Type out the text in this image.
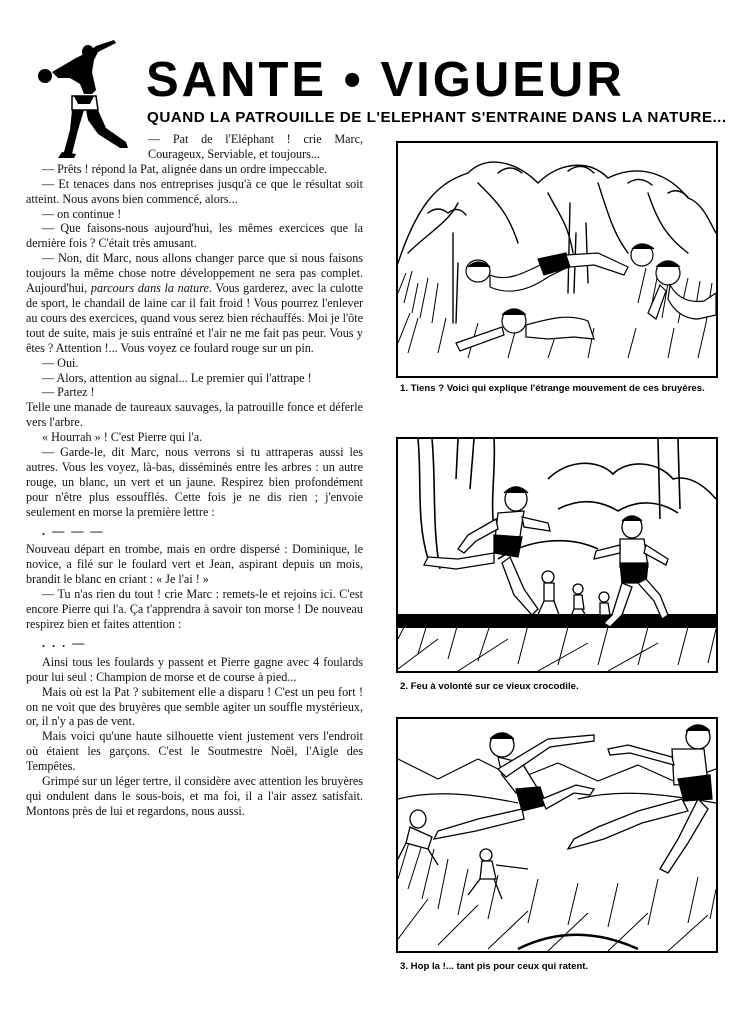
SANTE • VIGUEUR
QUAND LA PATROUILLE DE L'ELEPHANT S'ENTRAINE DANS LA NATURE...

— Pat de l'Eléphant ! crie Marc, Courageux, Serviable, et toujours...

— Prêts ! répond la Pat, alignée dans un ordre impeccable.

— Et tenaces dans nos entreprises jusqu'à ce que le résultat soit atteint. Nous avons bien commencé, alors...

— on continue !

— Que faisons-nous aujourd'hui, les mêmes exercices que la dernière fois ? C'était très amusant.

— Non, dit Marc, nous allons changer parce que si nous faisons toujours la même chose notre développement ne sera pas complet. Aujourd'hui, parcours dans la nature. Vous garderez, avec la culotte de sport, le chandail de laine car il fait froid ! Vous pourrez l'enlever au cours des exercices, quand vous serez bien réchauffés. Moi je l'ôte tout de suite, mais je suis entraîné et l'air ne me fait pas peur. Vous y êtes ? Attention !... Vous voyez ce foulard rouge sur un pin.

— Oui.

— Alors, attention au signal... Le premier qui l'attrape !

— Partez !

Telle une manade de taureaux sauvages, la patrouille fonce et déferle vers l'arbre.

« Hourrah » ! C'est Pierre qui l'a.

— Garde-le, dit Marc, nous verrons si tu attraperas aussi les autres. Vous les voyez, là-bas, disséminés entre les arbres : un autre rouge, un blanc, un vert et un jaune. Respirez bien profondément pour n'être plus essoufflés. Cette fois je ne dis rien ; j'envoie seulement en morse la première lettre :

. — — —

Nouveau départ en trombe, mais en ordre dispersé : Dominique, le novice, a filé sur le foulard vert et Jean, aspirant depuis un mois, brandit le blanc en criant : « Je l'ai ! »

— Tu n'as rien du tout ! crie Marc : remets-le et rejoins ici. C'est encore Pierre qui l'a. Ça t'apprendra à savoir ton morse ! De nouveau respirez bien et faites attention :

. . . —

Ainsi tous les foulards y passent et Pierre gagne avec 4 foulards pour lui seul : Champion de morse et de course à pied...

Mais où est la Pat ? subitement elle a disparu ! C'est un peu fort ! on ne voit que des bruyères que semble agiter un souffle mystérieux, or, il n'y a pas de vent.

Mais voici qu'une haute silhouette vient justement vers l'endroit où étaient les garçons. C'est le Soutmestre Noël, l'Aigle des Tempêtes.

Grimpé sur un léger tertre, il considère avec attention les bruyères qui ondulent dans le sous-bois, et ma foi, il a l'air assez satisfait. Montons près de lui et regardons, nous aussi.

1. Tiens ? Voici qui explique l'étrange mouvement de ces bruyères.

2. Feu à volonté sur ce vieux crocodile.

3. Hop la !... tant pis pour ceux qui ratent.
